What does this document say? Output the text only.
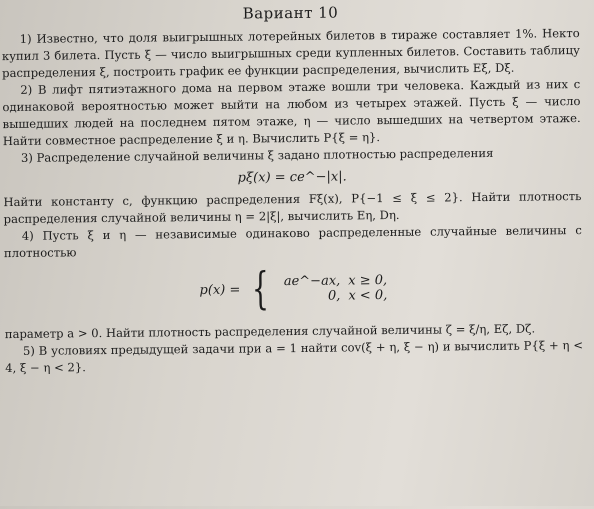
Вариант 10

1) Известно, что доля выигрышных лотерейных билетов в тираже составляет 1%. Некто купил 3 билета. Пусть ξ — число выигрышных среди купленных билетов. Составить таблицу распределения ξ, построить график ее функции распределения, вычислить Eξ, Dξ.

2) В лифт пятиэтажного дома на первом этаже вошли три человека. Каждый из них с одинаковой вероятностью может выйти на любом из четырех этажей. Пусть ξ — число вышедших людей на последнем пятом этаже, η — число вышедших на четвертом этаже. Найти совместное распределение ξ и η. Вычислить P{ξ = η}.

3) Распределение случайной величины ξ задано плотностью распределения

pξ(x) = ce^−|x|.

Найти константу c, функцию распределения Fξ(x), P{−1 ≤ ξ ≤ 2}. Найти плотность распределения случайной величины η = 2|ξ|, вычислить Eη, Dη.

4) Пусть ξ и η — независимые одинаково распределенные случайные величины с плотностью

p(x) = { ae^−ax, x ≥ 0,
0, x < 0,

параметр a > 0. Найти плотность распределения случайной величины ζ = ξ/η, Eζ, Dζ.

5) В условиях предыдущей задачи при a = 1 найти cov(ξ + η, ξ − η) и вычислить P{ξ + η < 4, ξ − η < 2}.
